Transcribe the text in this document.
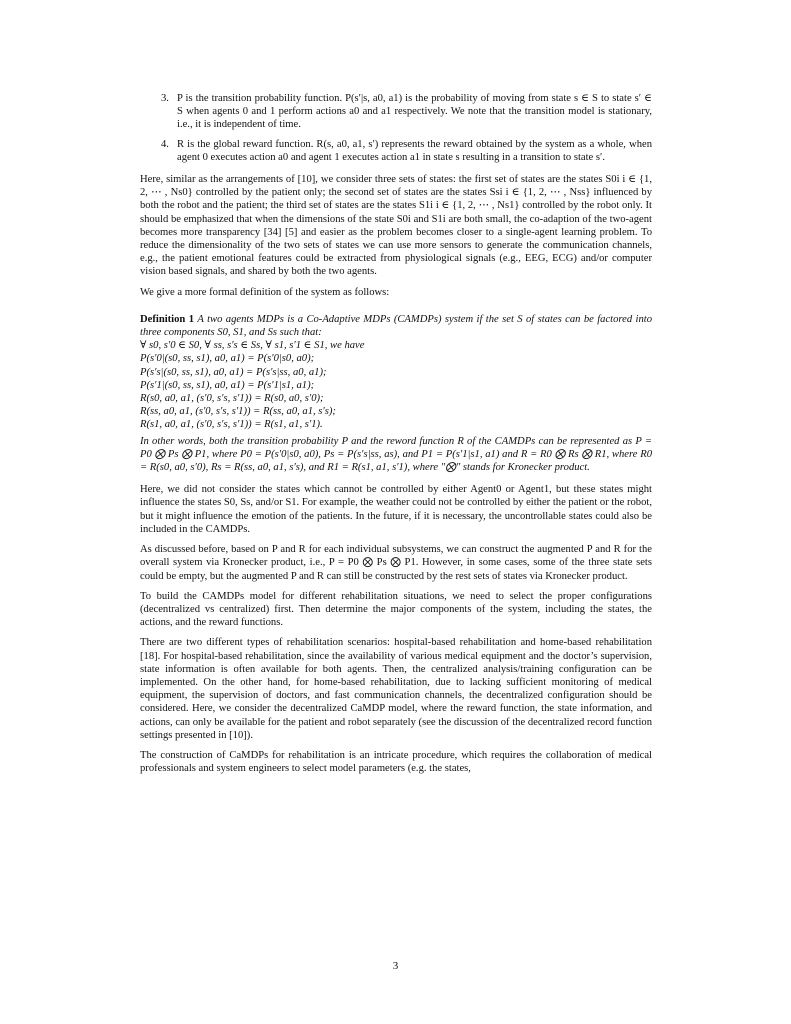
3. P is the transition probability function. P(s′|s, a0, a1) is the probability of moving from state s ∈ S to state s′ ∈ S when agents 0 and 1 perform actions a0 and a1 respectively. We note that the transition model is stationary, i.e., it is independent of time.
4. R is the global reward function. R(s, a0, a1, s′) represents the reward obtained by the system as a whole, when agent 0 executes action a0 and agent 1 executes action a1 in state s resulting in a transition to state s′.

Here, similar as the arrangements of [10], we consider three sets of states: the first set of states are the states S0i i ∈ {1, 2, ⋯ , Ns0} controlled by the patient only; the second set of states are the states Ssi i ∈ {1, 2, ⋯ , Nss} influenced by both the robot and the patient; the third set of states are the states S1i i ∈ {1, 2, ⋯ , Ns1} controlled by the robot only. It should be emphasized that when the dimensions of the state S0i and S1i are both small, the co-adaption of the two-agent becomes more transparency [34] [5] and easier as the problem becomes closer to a single-agent learning problem. To reduce the dimensionality of the two sets of states we can use more sensors to generate the communication channels, e.g., the patient emotional features could be extracted from physiological signals (e.g., EEG, ECG) and/or computer vision based signals, and shared by both the two agents.

We give a more formal definition of the system as follows:

Definition 1 A two agents MDPs is a Co-Adaptive MDPs (CAMDPs) system if the set S of states can be factored into three components S0, S1, and Ss such that:

∀ s0, s′0 ∈ S0, ∀ ss, s′s ∈ Ss, ∀ s1, s′1 ∈ S1, we have
P(s′0|(s0, ss, s1), a0, a1) = P(s′0|s0, a0);
P(s′s|(s0, ss, s1), a0, a1) = P(s′s|ss, a0, a1);
P(s′1|(s0, ss, s1), a0, a1) = P(s′1|s1, a1);
R(s0, a0, a1, (s′0, s′s, s′1)) = R(s0, a0, s′0);
R(ss, a0, a1, (s′0, s′s, s′1)) = R(ss, a0, a1, s′s);
R(s1, a0, a1, (s′0, s′s, s′1)) = R(s1, a1, s′1).

In other words, both the transition probability P and the reword function R of the CAMDPs can be represented as P = P0 ⨂ Ps ⨂ P1, where P0 = P(s′0|s0, a0), Ps = P(s′s|ss, as), and P1 = P(s′1|s1, a1) and R = R0 ⨂ Rs ⨂ R1, where R0 = R(s0, a0, s′0), Rs = R(ss, a0, a1, s′s), and R1 = R(s1, a1, s′1), where "⨂" stands for Kronecker product.

Here, we did not consider the states which cannot be controlled by either Agent0 or Agent1, but these states might influence the states S0, Ss, and/or S1. For example, the weather could not be controlled by either the patient or the robot, but it might influence the emotion of the patients. In the future, if it is necessary, the uncontrollable states could also be included in the CAMDPs.

As discussed before, based on P and R for each individual subsystems, we can construct the augmented P and R for the overall system via Kronecker product, i.e., P = P0 ⨂ Ps ⨂ P1. However, in some cases, some of the three state sets could be empty, but the augmented P and R can still be constructed by the rest sets of states via Kronecker product.

To build the CAMDPs model for different rehabilitation situations, we need to select the proper configurations (decentralized vs centralized) first. Then determine the major components of the system, including the states, the actions, and the reward functions.

There are two different types of rehabilitation scenarios: hospital-based rehabilitation and home-based rehabilitation [18]. For hospital-based rehabilitation, since the availability of various medical equipment and the doctor’s supervision, state information is often available for both agents. Then, the centralized analysis/training configuration can be implemented. On the other hand, for home-based rehabilitation, due to lacking sufficient monitoring of medical equipment, the supervision of doctors, and fast communication channels, the decentralized configuration should be considered. Here, we consider the decentralized CaMDP model, where the reward function, the state information, and actions, can only be available for the patient and robot separately (see the discussion of the decentralized record function settings presented in [10]).

The construction of CaMDPs for rehabilitation is an intricate procedure, which requires the collaboration of medical professionals and system engineers to select model parameters (e.g. the states,

3
